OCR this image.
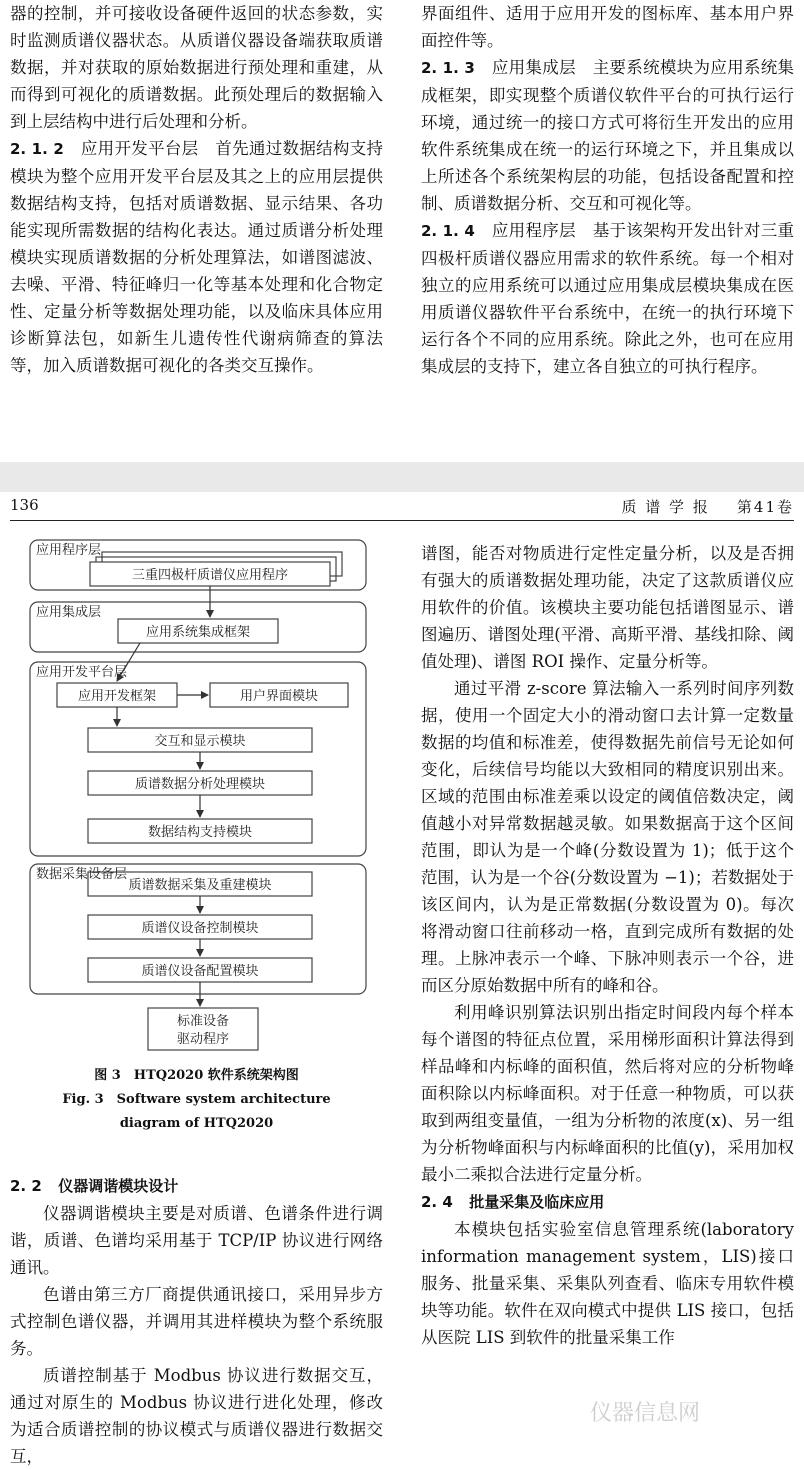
器的控制，并可接收设备硬件返回的状态参数，实时监测质谱仪器状态。从质谱仪器设备端获取质谱数据，并对获取的原始数据进行预处理和重建，从而得到可视化的质谱数据。此预处理后的数据输入到上层结构中进行后处理和分析。

2. 1. 2　 应用开发平台层　 首先通过数据结构支持模块为整个应用开发平台层及其之上的应用层提供数据结构支持，包括对质谱数据、显示结果、各功能实现所需数据的结构化表达。通过质谱分析处理模块实现质谱数据的分析处理算法，如谱图滤波、去噪、平滑、特征峰归一化等基本处理和化合物定性、定量分析等数据处理功能，以及临床具体应用诊断算法包，如新生儿遗传性代谢病筛查的算法等，加入质谱数据可视化的各类交互操作。

界面组件、适用于应用开发的图标库、基本用户界面控件等。

2. 1. 3　 应用集成层　 主要系统模块为应用系统集成框架，即实现整个质谱仪软件平台的可执行运行环境，通过统一的接口方式可将衍生开发出的应用软件系统集成在统一的运行环境之下，并且集成以上所述各个系统架构层的功能，包括设备配置和控制、质谱数据分析、交互和可视化等。

2. 1. 4　 应用程序层　 基于该架构开发出针对三重四极杆质谱仪器应用需求的软件系统。每一个相对独立的应用系统可以通过应用集成层模块集成在医用质谱仪器软件平台系统中，在统一的执行环境下运行各个不同的应用系统。除此之外，也可在应用集成层的支持下，建立各自独立的可执行程序。

136	质 谱 学 报 第41卷
应用程序层
三重四极杆质谱仪应用程序
应用集成层
应用系统集成框架
应用开发平台层
应用开发框架	用户界面模块
交互和显示模块
质谱数据分析处理模块
数据结构支持模块
数据采集设备层
质谱数据采集及重建模块
质谱仪设备控制模块
质谱仪设备配置模块
标准设备
驱动程序
图 3　HTQ2020 软件系统架构图
Fig. 3　Software system architecture
diagram of HTQ2020

2. 2　 仪器调谐模块设计

仪器调谐模块主要是对质谱、色谱条件进行调谐，质谱、色谱均采用基于 TCP/IP 协议进行网络通讯。

色谱由第三方厂商提供通讯接口，采用异步方式控制色谱仪器，并调用其进样模块为整个系统服务。

质谱控制基于 Modbus 协议进行数据交互，通过对原生的 Modbus 协议进行进化处理，修改为适合质谱控制的协议模式与质谱仪器进行数据交互，

谱图，能否对物质进行定性定量分析，以及是否拥有强大的质谱数据处理功能，决定了这款质谱仪应用软件的价值。该模块主要功能包括谱图显示、谱图遍历、谱图处理(平滑、高斯平滑、基线扣除、阈值处理)、谱图 ROI 操作、定量分析等。

通过平滑 z-score 算法输入一系列时间序列数据，使用一个固定大小的滑动窗口去计算一定数量数据的均值和标准差，使得数据先前信号无论如何变化，后续信号均能以大致相同的精度识别出来。区域的范围由标准差乘以设定的阈值倍数决定，阈值越小对异常数据越灵敏。如果数据高于这个区间范围，即认为是一个峰(分数设置为 1)；低于这个范围，认为是一个谷(分数设置为 −1)；若数据处于该区间内，认为是正常数据(分数设置为 0)。每次将滑动窗口往前移动一格，直到完成所有数据的处理。上脉冲表示一个峰、下脉冲则表示一个谷，进而区分原始数据中所有的峰和谷。

利用峰识别算法识别出指定时间段内每个样本每个谱图的特征点位置，采用梯形面积计算法得到样品峰和内标峰的面积值，然后将对应的分析物峰面积除以内标峰面积。对于任意一种物质，可以获取到两组变量值，一组为分析物的浓度(x)、另一组为分析物峰面积与内标峰面积的比值(y)，采用加权最小二乘拟合法进行定量分析。

2. 4　 批量采集及临床应用

本模块包括实验室信息管理系统(laboratory information management system，LIS)接口服务、批量采集、采集队列查看、临床专用软件模块等功能。软件在双向模式中提供 LIS 接口，包括从医院 LIS 到软件的批量采集工作

仪器信息网
